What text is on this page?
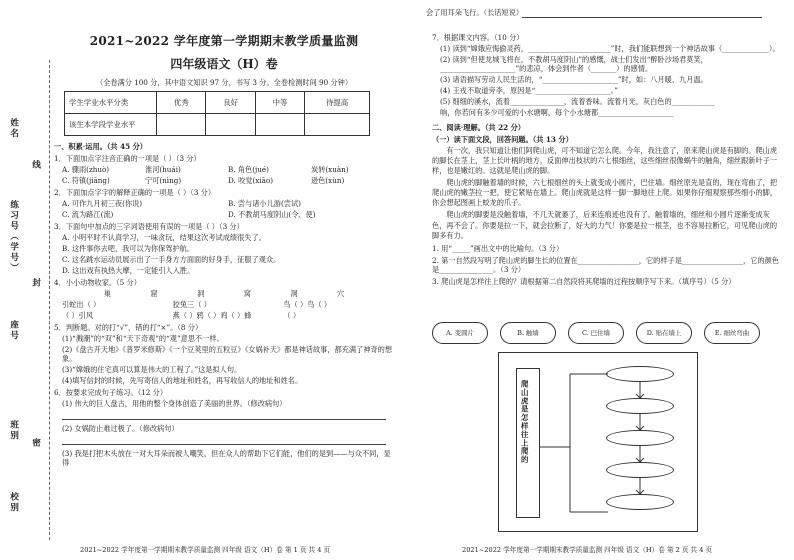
姓名
线
练习号（学号）
封
座号
班别
密
校别
2021~2022 学年度第一学期期末教学质量监测
四年级语文（H）卷
（全卷满分 100 分，其中语文知识 97 分，书写 3 分。全卷检测时间 90 分钟）
学生学业水平分类	优秀	良好	中等	待提高
该生本学段学业水平				
一、积累·运用。（共 45 分）
1．下面加点字注音正确的一项是（ ）（3 分）
A. 骤雨(zhuò)	淮河(huái)	B. 角色(jué)	炭转(xuàn)
C. 符镇(jiāng)	宁可(nìng)	D. 咬觉(xiāo)	逊色(xùn)
2．下面加点字字的解释正确的一项是（ ）（3 分）
A. 可作九月初三夜(你说)	B. 尝与诸小儿游(尝试)
C. 流为路江(流)	D. 不教胡马度阴山(令、使)
3．下面句中加点的三字词语使用有误的一项是（ ）（3 分）
A. 小明平时不认真学习，一味贪玩，结果这次考试成绩很失了。
B. 这件事你去吧，我可以为你保驾护航。
C. 这名跳水运动员展示出了一手身方方面面的好身手，征服了观众。
D. 这出戏有执热大摩，一定能引人入胜。
4．小小动物收家。（5 分）
巢	窟	洞	窝	洞	穴
引蛇出（ ）	狡兔三（ ）	鸟（ ）鸟（ ）
（ ）引风	燕（ ）鸦（ ）鸡（ ）蜂	（ ）
5．判断题。对的打“√”，错的打“×”。（8 分）
(1)“溅潮”的“双”和“天下奇观”的“观”意思不一样。
(2)《盘古开天地》《普罗米修斯》《一个豆荚里的五粒豆》《女娲补天》都是神话故事，都充满了神奇的想象。
(3)“嫦娥的住宅真可以算是伟大的工程了。”这是拟人句。
(4)填写信封的时候，先写寄信人的地址和姓名，再写收信人的地址和姓名。
6．按要求完成句子练习。（12 分）
(1) 伟大的巨人盘古，用他的整个身体创造了美丽的世界。（修改病句）
(2) 女娲防止难过极了。（修改病句）
(3) 我是打把木头放在一对大耳朵而被人嘲笑，但在众人的帮助下它们能，他们的是到——与众不同，显得
2021~2022 学年度第一学期期末教学质量监测 四年级 语文（H）卷 第 1 页 共 4 页
会了用耳朵飞行。（长话短说）
7．根据课文内容。（10 分）
(1) 读到“嫦娥应悔偷灵药，_______________________”时，我们能联想到一个神话故事（_____________）。
(2) 读到“但使龙城飞将在，不教胡马度阴山”的感慨，战士们发出“醉卧沙场君莫笑，_____________________”的悲凉，体会到作者（_______）的感情。
(3) 诸语描写劳动人民生活的，“_____________________”时，如：八月暖、九月温。
(4) 王戎不取道旁李，原因是“_____________________。”
(5) 细细的溪水，流着_______________，流着香味。流着月光，灰白色的____________
响，你若问有多少可爱的小水塘啊，每个小水塘都_____________________
二、阅读·理解。（共 22 分）
（一）读下面文段，回答问题。（共 13 分）
有一次，我只知道让他们阿爬山虎，可不知道它怎么爬。今年，我注意了，原来爬山虎是有脚的。爬山虎的脚长在茎上，茎上长叶柄的地方，反面伸出枝状的六七根细丝，这些细丝很像蜗牛的触角，细丝跟新叶子一样，也是嫩红的。这就是爬山虎的脚。
爬山虎的脚触着墙的时候，六七根细丝的头上就变成小圆片，巴住墙。细丝原先是直的，现在弯曲了，把爬山虎的嫩茎拉一把，使它紧贴在墙上。爬山虎就是这样一脚一脚地往上爬。如果你仔细观察那些细小的脚，你会想起图画上蛟龙的爪子。
爬山虎的脚要是没触着墙，不几天就萎了，后来连痕迹也没有了。触着墙的，细丝和小圆片逐渐变成灰色，再不会了。你要是拉一下，就会拉断了，好大的力气！你要是拉一根茎，也不容易拉断它，可见爬山虎的脚多有力。
1. 用“_____”画出文中的比喻句。（3 分）
2. 第一自然段写明了爬山虎的脚生长的位置在_________________，它的样子是_________________，它的颜色是_______________。（3 分）
3. 爬山虎是怎样往上爬的？请根据第二自然段将其爬墙的过程按顺序写下来。（填序号）（5 分）
A. 变圆片	B. 触墙	C. 巴住墙	D. 贴在墙上	E. 细丝弯曲
爬山虎是怎样往上爬的
2021~2022 学年度第一学期期末教学质量监测 四年级 语文（H）卷 第 2 页 共 4 页
